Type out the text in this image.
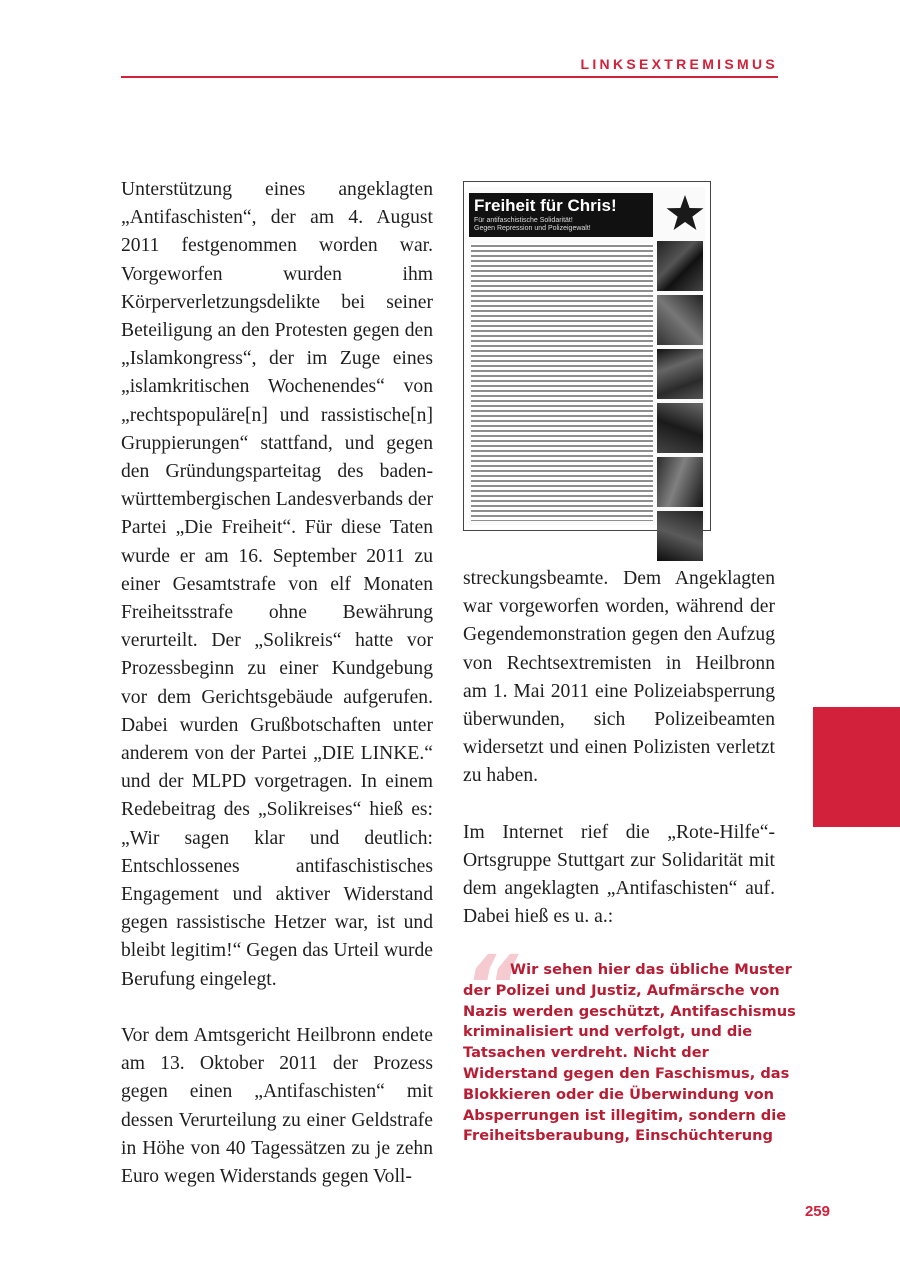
LINKSEXTREMISMUS

Unterstützung eines angeklagten „Antifaschisten“, der am 4. August 2011 festgenommen worden war. Vorgeworfen wurden ihm Körperverletzungsdelikte bei seiner Beteiligung an den Protesten gegen den „Islamkongress“, der im Zuge eines „islamkritischen Wochenendes“ von „rechtspopuläre[n] und rassistische[n] Gruppierungen“ stattfand, und gegen den Gründungsparteitag des baden-württembergischen Landesverbands der Partei „Die Freiheit“. Für diese Taten wurde er am 16. September 2011 zu einer Gesamtstrafe von elf Monaten Freiheitsstrafe ohne Bewährung verurteilt. Der „Solikreis“ hatte vor Prozessbeginn zu einer Kundgebung vor dem Gerichtsgebäude aufgerufen. Dabei wurden Grußbotschaften unter anderem von der Partei „DIE LINKE.“ und der MLPD vorgetragen. In einem Redebeitrag des „Solikreises“ hieß es: „Wir sagen klar und deutlich: Entschlossenes antifaschistisches Engagement und aktiver Widerstand gegen rassistische Hetzer war, ist und bleibt legitim!“ Gegen das Urteil wurde Berufung eingelegt.

Vor dem Amtsgericht Heilbronn endete am 13. Oktober 2011 der Prozess gegen einen „Antifaschisten“ mit dessen Verurteilung zu einer Geldstrafe in Höhe von 40 Tagessätzen zu je zehn Euro wegen Widerstands gegen Voll-

Freiheit für Chris!
Für antifaschistische Solidarität!
Gegen Repression und Polizeigewalt!

streckungsbeamte. Dem Angeklagten war vorgeworfen worden, während der Gegendemonstration gegen den Aufzug von Rechtsextremisten in Heilbronn am 1. Mai 2011 eine Polizeiabsperrung überwunden, sich Polizeibeamten widersetzt und einen Polizisten verletzt zu haben.

Im Internet rief die „Rote-Hilfe“-Ortsgruppe Stuttgart zur Solidarität mit dem angeklagten „Antifaschisten“ auf. Dabei hieß es u. a.:

“
Wir sehen hier das übliche Muster der Polizei und Justiz, Aufmärsche von Nazis werden geschützt, Antifaschismus kriminalisiert und verfolgt, und die Tatsachen verdreht. Nicht der Widerstand gegen den Faschismus, das Blokkieren oder die Überwindung von Absperrungen ist illegitim, sondern die Freiheitsberaubung, Einschüchterung
259
